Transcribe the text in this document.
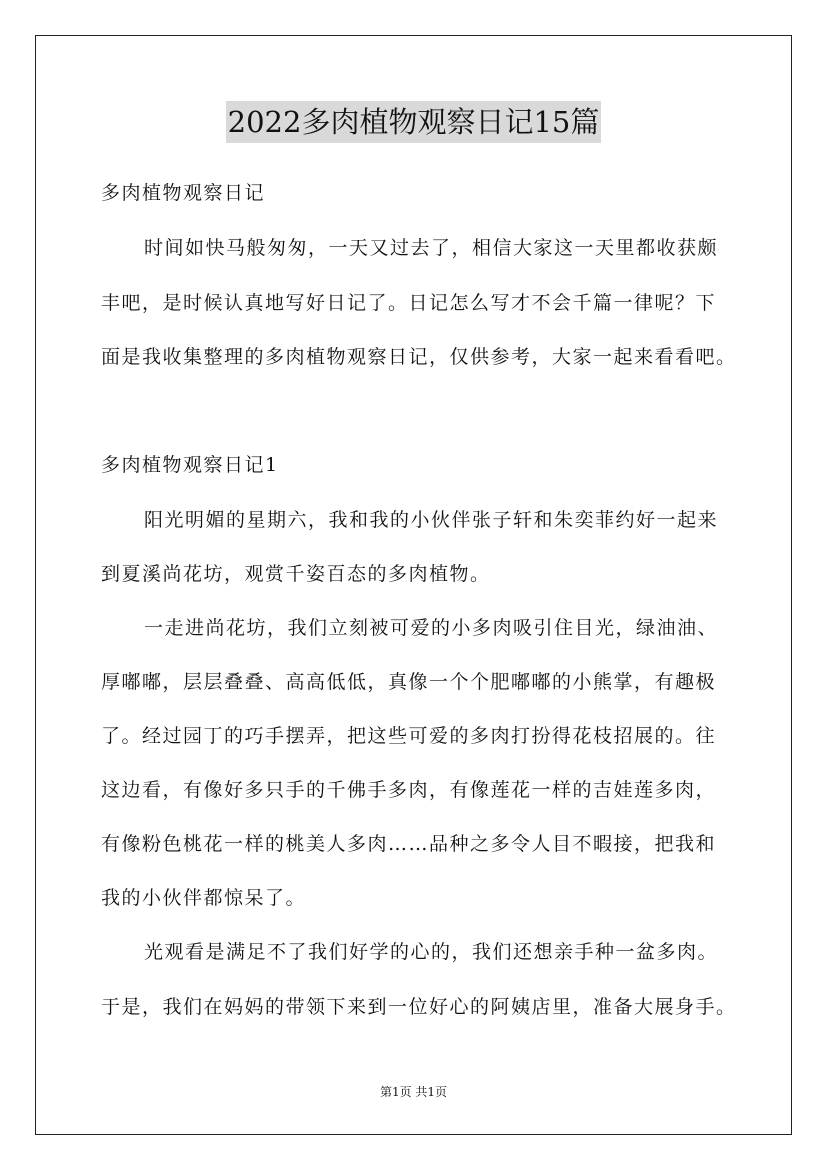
2022多肉植物观察日记15篇
多肉植物观察日记
时间如快马般匆匆，一天又过去了，相信大家这一天里都收获颇
丰吧，是时候认真地写好日记了。日记怎么写才不会千篇一律呢？下
面是我收集整理的多肉植物观察日记，仅供参考，大家一起来看看吧。
多肉植物观察日记1
阳光明媚的星期六，我和我的小伙伴张子轩和朱奕菲约好一起来
到夏溪尚花坊，观赏千姿百态的多肉植物。
一走进尚花坊，我们立刻被可爱的小多肉吸引住目光，绿油油、
厚嘟嘟，层层叠叠、高高低低，真像一个个肥嘟嘟的小熊掌，有趣极
了。经过园丁的巧手摆弄，把这些可爱的多肉打扮得花枝招展的。往
这边看，有像好多只手的千佛手多肉，有像莲花一样的吉娃莲多肉，
有像粉色桃花一样的桃美人多肉……品种之多令人目不暇接，把我和
我的小伙伴都惊呆了。
光观看是满足不了我们好学的心的，我们还想亲手种一盆多肉。
于是，我们在妈妈的带领下来到一位好心的阿姨店里，准备大展身手。
第1页 共1页
